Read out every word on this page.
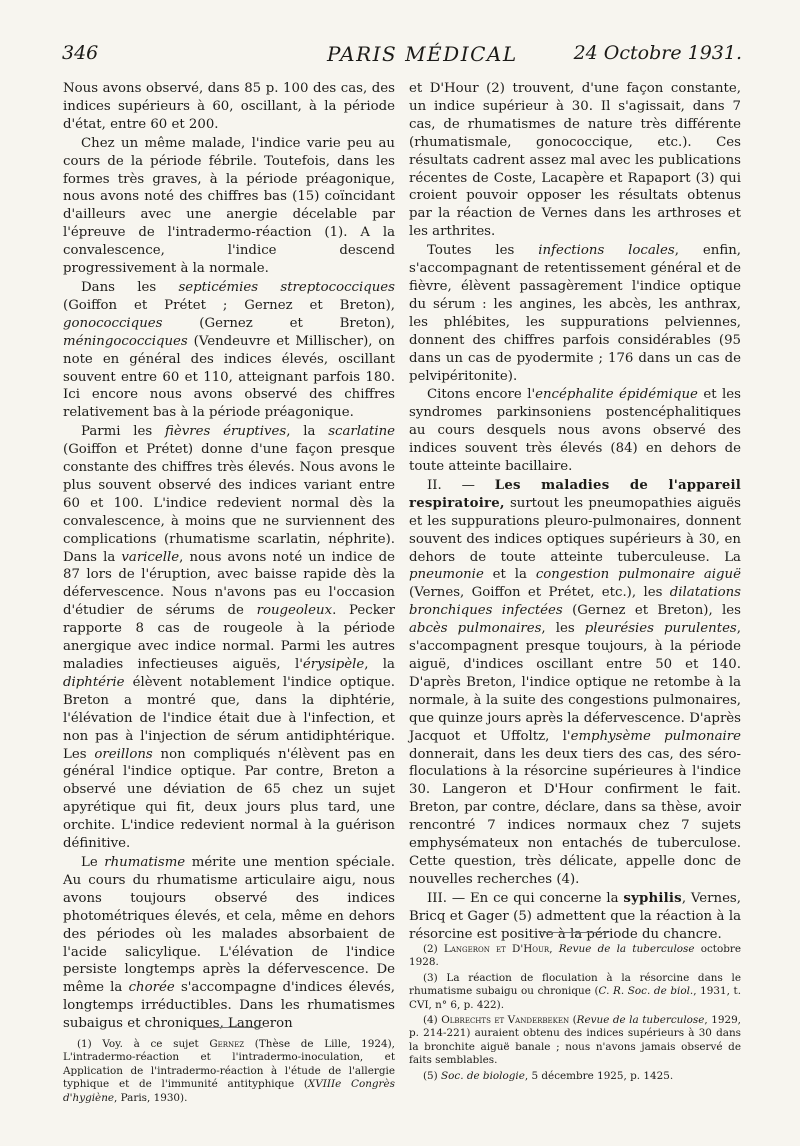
346	PARIS MÉDICAL	24 Octobre 1931.

Nous avons observé, dans 85 p. 100 des cas, des indices supérieurs à 60, oscillant, à la période d'état, entre 60 et 200.

Chez un même malade, l'indice varie peu au cours de la période fébrile. Toutefois, dans les formes très graves, à la période préagonique, nous avons noté des chiffres bas (15) coïncidant d'ailleurs avec une anergie décelable par l'épreuve de l'intradermo-réaction (1). A la convalescence, l'indice descend progressivement à la normale.

Dans les septicémies streptococciques (Goiffon et Prétet ; Gernez et Breton), gonococciques (Gernez et Breton), méningococciques (Vendeuvre et Millischer), on note en général des indices élevés, oscillant souvent entre 60 et 110, atteignant parfois 180. Ici encore nous avons observé des chiffres relativement bas à la période préagonique.

Parmi les fièvres éruptives, la scarlatine (Goiffon et Prétet) donne d'une façon presque constante des chiffres très élevés. Nous avons le plus souvent observé des indices variant entre 60 et 100. L'indice redevient normal dès la convalescence, à moins que ne surviennent des complications (rhumatisme scarlatin, néphrite). Dans la varicelle, nous avons noté un indice de 87 lors de l'éruption, avec baisse rapide dès la défervescence. Nous n'avons pas eu l'occasion d'étudier de sérums de rougeoleux. Pecker rapporte 8 cas de rougeole à la période anergique avec indice normal. Parmi les autres maladies infectieuses aiguës, l'érysipèle, la diphtérie élèvent notablement l'indice optique. Breton a montré que, dans la diphtérie, l'élévation de l'indice était due à l'infection, et non pas à l'injection de sérum antidiphtérique. Les oreillons non compliqués n'élèvent pas en général l'indice optique. Par contre, Breton a observé une déviation de 65 chez un sujet apyrétique qui fit, deux jours plus tard, une orchite. L'indice redevient normal à la guérison définitive.

Le rhumatisme mérite une mention spéciale. Au cours du rhumatisme articulaire aigu, nous avons toujours observé des indices photométriques élevés, et cela, même en dehors des périodes où les malades absorbaient de l'acide salicylique. L'élévation de l'indice persiste longtemps après la défervescence. De même la chorée s'accompagne d'indices élevés, longtemps irréductibles. Dans les rhumatismes subaigus et chroniques, Langeron

et D'Hour (2) trouvent, d'une façon constante, un indice supérieur à 30. Il s'agissait, dans 7 cas, de rhumatismes de nature très différente (rhumatismale, gonococcique, etc.). Ces résultats cadrent assez mal avec les publications récentes de Coste, Lacapère et Rapaport (3) qui croient pouvoir opposer les résultats obtenus par la réaction de Vernes dans les arthroses et les arthrites.

Toutes les infections locales, enfin, s'accompagnant de retentissement général et de fièvre, élèvent passagèrement l'indice optique du sérum : les angines, les abcès, les anthrax, les phlébites, les suppurations pelviennes, donnent des chiffres parfois considérables (95 dans un cas de pyodermite ; 176 dans un cas de pelvipéritonite).

Citons encore l'encéphalite épidémique et les syndromes parkinsoniens postencéphalitiques au cours desquels nous avons observé des indices souvent très élevés (84) en dehors de toute atteinte bacillaire.

II. — Les maladies de l'appareil respiratoire, surtout les pneumopathies aiguës et les suppurations pleuro-pulmonaires, donnent souvent des indices optiques supérieurs à 30, en dehors de toute atteinte tuberculeuse. La pneumonie et la congestion pulmonaire aiguë (Vernes, Goiffon et Prétet, etc.), les dilatations bronchiques infectées (Gernez et Breton), les abcès pulmonaires, les pleurésies purulentes, s'accompagnent presque toujours, à la période aiguë, d'indices oscillant entre 50 et 140. D'après Breton, l'indice optique ne retombe à la normale, à la suite des congestions pulmonaires, que quinze jours après la défervescence. D'après Jacquot et Uffoltz, l'emphysème pulmonaire donnerait, dans les deux tiers des cas, des séro-floculations à la résorcine supérieures à l'indice 30. Langeron et D'Hour confirment le fait. Breton, par contre, déclare, dans sa thèse, avoir rencontré 7 indices normaux chez 7 sujets emphysémateux non entachés de tuberculose. Cette question, très délicate, appelle donc de nouvelles recherches (4).

III. — En ce qui concerne la syphilis, Vernes, Bricq et Gager (5) admettent que la réaction à la résorcine est positive à la période du chancre.

(2) Langeron et D'Hour, Revue de la tuberculose octobre 1928.

(3) La réaction de floculation à la résorcine dans le rhumatisme subaigu ou chronique (C. R. Soc. de biol., 1931, t. CVI, n° 6, p. 422).

(4) Olbrechts et Vanderbeken (Revue de la tuberculose, 1929, p. 214-221) auraient obtenu des indices supérieurs à 30 dans la bronchite aiguë banale ; nous n'avons jamais observé de faits semblables.

(5) Soc. de biologie, 5 décembre 1925, p. 1425.

(1) Voy. à ce sujet Gernez (Thèse de Lille, 1924), L'intradermo-réaction et l'intradermo-inoculation, et Application de l'intradermo-réaction à l'étude de l'allergie typhique et de l'immunité antityphique (XVIIIe Congrès d'hygiène, Paris, 1930).
